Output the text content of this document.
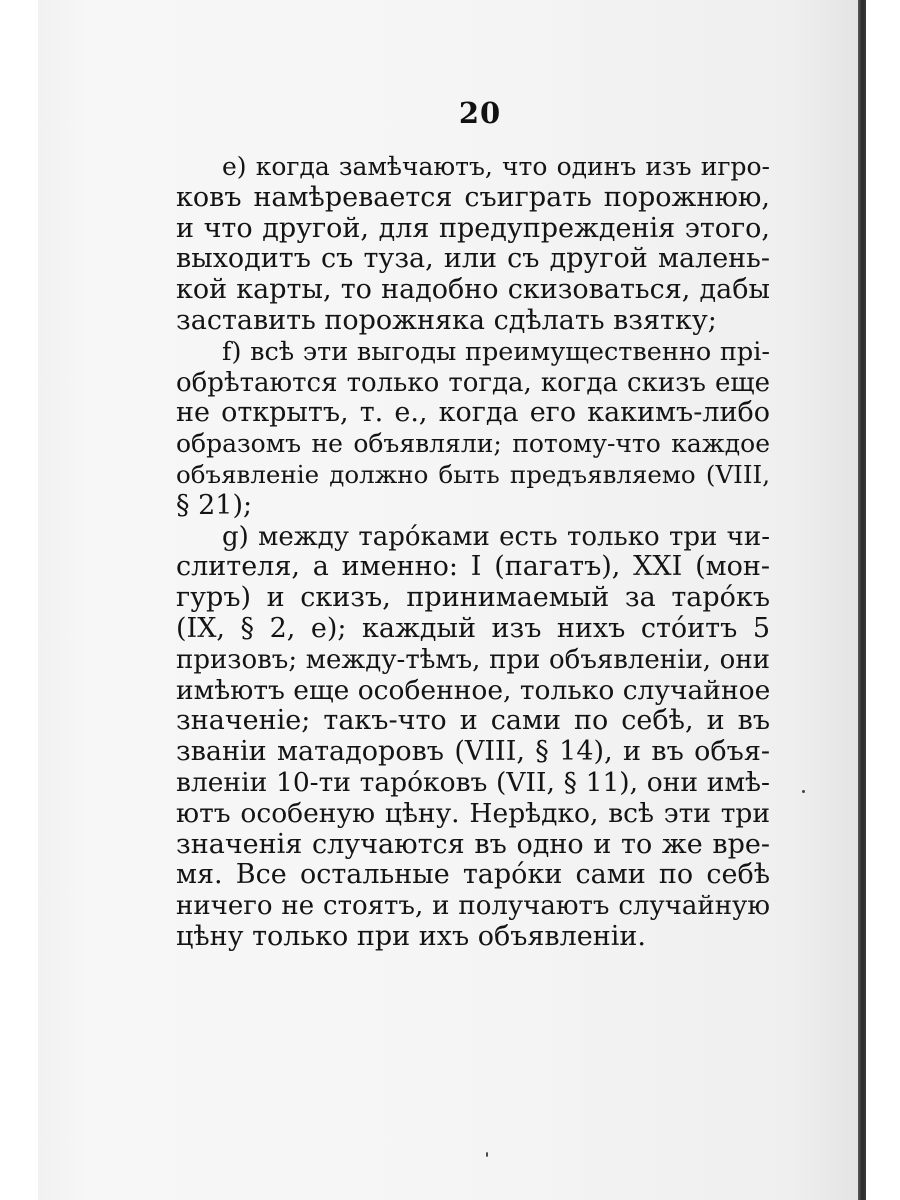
20
e) когда замѣчаютъ, что одинъ изъ игро-
ковъ намѣревается съиграть порожнюю,
и что другой, для предупрежденія этого,
выходитъ съ туза, или съ другой малень-
кой карты, то надобно скизоваться, дабы
заставить порожняка сдѣлать взятку;
f) всѣ эти выгоды преимущественно прі-
обрѣтаются только тогда, когда скизъ еще
не открытъ, т. е., когда его какимъ-либо
образомъ не объявляли; потому-что каждое
объявленіе должно быть предъявляемо (VIII,
§ 21);
g) между тарóками есть только три чи-
слителя, а именно: I (пагатъ), XXI (мон-
гуръ) и скизъ, принимаемый за тарóкъ
(IX, § 2, e); каждый изъ нихъ стóитъ 5
призовъ; между-тѣмъ, при объявленіи, они
имѣютъ еще особенное, только случайное
значеніе; такъ-что и сами по себѣ, и въ
званіи матадоровъ (VIII, § 14), и въ объя-
вленіи 10-ти тарóковъ (VII, § 11), они имѣ-
ютъ особеную цѣну. Нерѣдко, всѣ эти три
значенія случаются въ одно и то же вре-
мя. Все остальные тарóки сами по себѣ
ничего не стоятъ, и получаютъ случайную
цѣну только при ихъ объявленіи.
